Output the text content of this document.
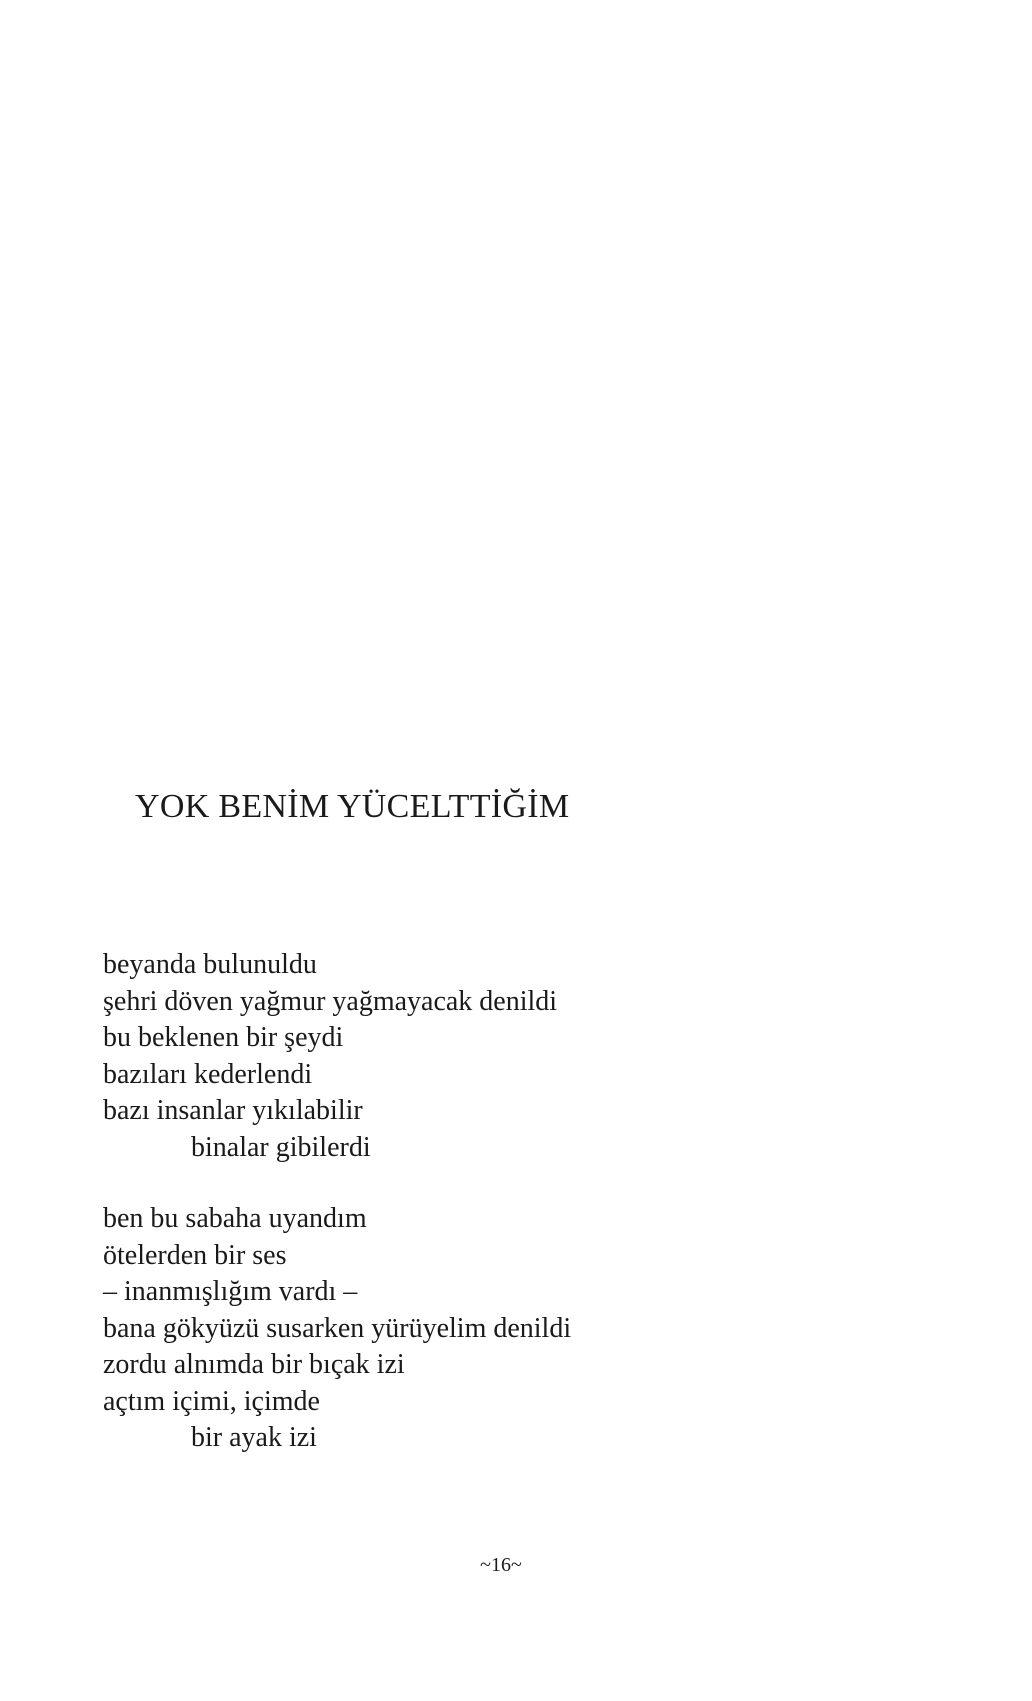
YOK BENİM YÜCELTTİĞİM
beyanda bulunuldu
şehri döven yağmur yağmayacak denildi
bu beklenen bir şeydi
bazıları kederlendi
bazı insanlar yıkılabilir
binalar gibilerdi
ben bu sabaha uyandım
ötelerden bir ses
– inanmışlığım vardı –
bana gökyüzü susarken yürüyelim denildi
zordu alnımda bir bıçak izi
açtım içimi, içimde
bir ayak izi
~16~
